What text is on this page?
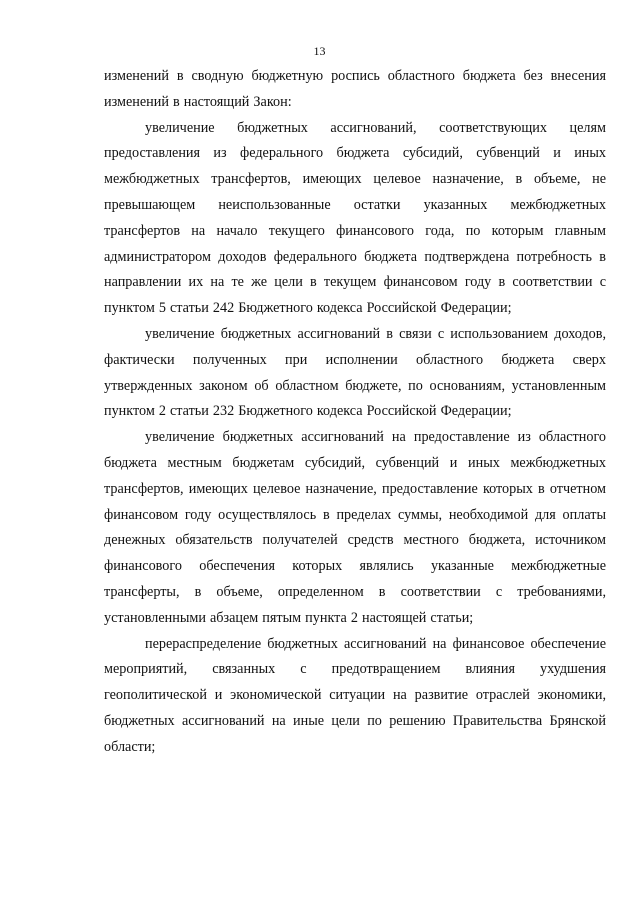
13

изменений в сводную бюджетную роспись областного бюджета без внесения изменений в настоящий Закон:

увеличение бюджетных ассигнований, соответствующих целям предоставления из федерального бюджета субсидий, субвенций и иных межбюджетных трансфертов, имеющих целевое назначение, в объеме, не превышающем неиспользованные остатки указанных межбюджетных трансфертов на начало текущего финансового года, по которым главным администратором доходов федерального бюджета подтверждена потребность в направлении их на те же цели в текущем финансовом году в соответствии с пунктом 5 статьи 242 Бюджетного кодекса Российской Федерации;

увеличение бюджетных ассигнований в связи с использованием доходов, фактически полученных при исполнении областного бюджета сверх утвержденных законом об областном бюджете, по основаниям, установленным пунктом 2 статьи 232 Бюджетного кодекса Российской Федерации;

увеличение бюджетных ассигнований на предоставление из областного бюджета местным бюджетам субсидий, субвенций и иных межбюджетных трансфертов, имеющих целевое назначение, предоставление которых в отчетном финансовом году осуществлялось в пределах суммы, необходимой для оплаты денежных обязательств получателей средств местного бюджета, источником финансового обеспечения которых являлись указанные межбюджетные трансферты, в объеме, определенном в соответствии с требованиями, установленными абзацем пятым пункта 2 настоящей статьи;

перераспределение бюджетных ассигнований на финансовое обеспечение мероприятий, связанных с предотвращением влияния ухудшения геополитической и экономической ситуации на развитие отраслей экономики, бюджетных ассигнований на иные цели по решению Правительства Брянской области;
